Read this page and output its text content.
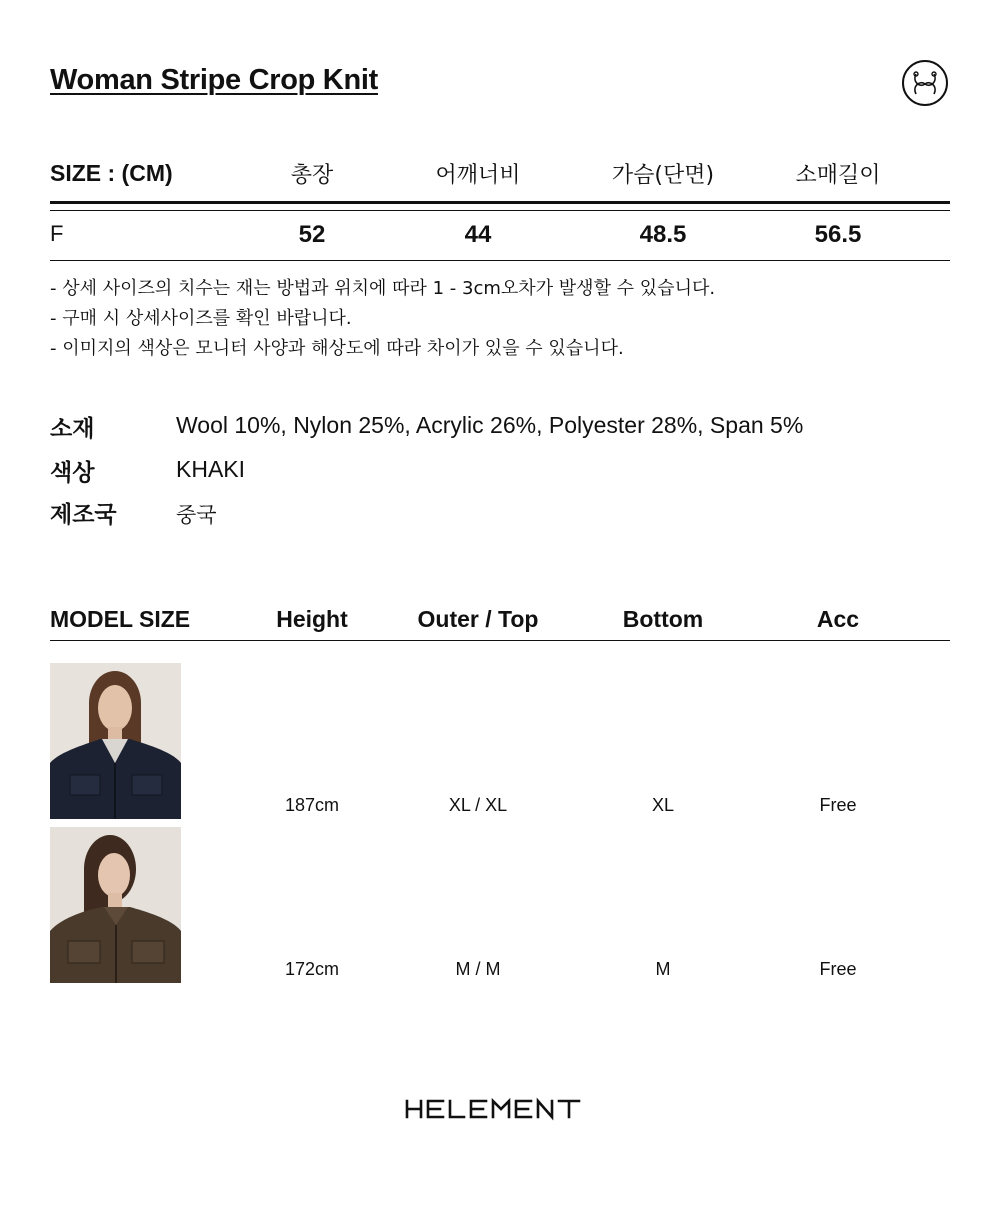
Woman Stripe Crop Knit
SIZE : (CM)	총장	어깨너비	가슴(단면)	소매길이
F	52	44	48.5	56.5
- 상세 사이즈의 치수는 재는 방법과 위치에 따라 1 - 3cm오차가 발생할 수 있습니다.
- 구매 시 상세사이즈를 확인 바랍니다.
- 이미지의 색상은 모니터 사양과 해상도에 따라 차이가 있을 수 있습니다.
소재	Wool 10%, Nylon 25%, Acrylic 26%, Polyester 28%, Span 5%
색상	KHAKI
제조국	중국
MODEL SIZE	Height	Outer / Top	Bottom	Acc
187cm	XL / XL	XL	Free
172cm	M / M	M	Free
